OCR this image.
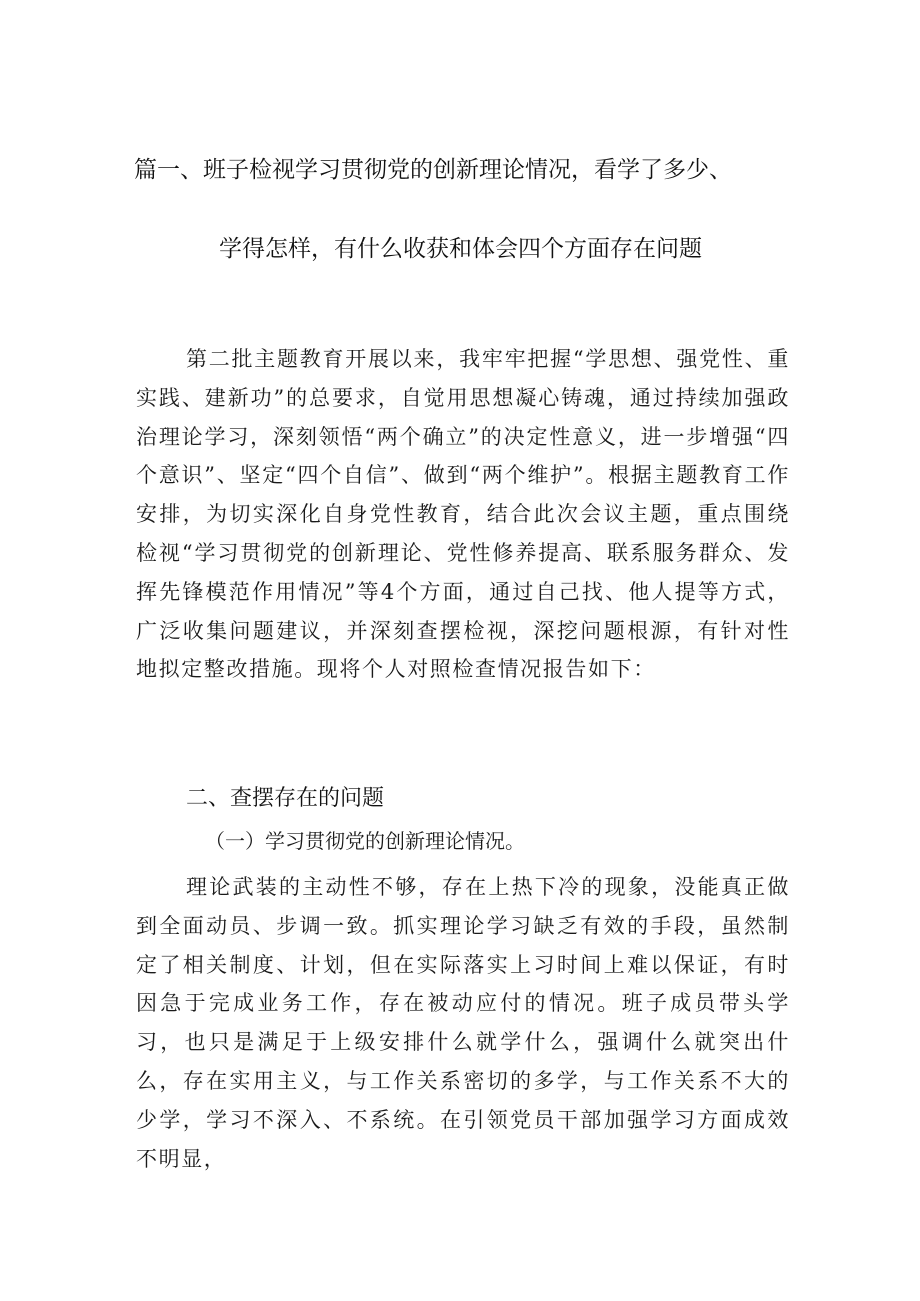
篇一、班子检视学习贯彻党的创新理论情况，看学了多少、
学得怎样，有什么收获和体会四个方面存在问题

第二批主题教育开展以来，我牢牢把握“学思想、强党性、重实践、建新功”的总要求，自觉用思想凝心铸魂，通过持续加强政治理论学习，深刻领悟“两个确立”的决定性意义，进一步增强“四个意识”、坚定“四个自信”、做到“两个维护”。根据主题教育工作安排，为切实深化自身党性教育，结合此次会议主题，重点围绕检视“学习贯彻党的创新理论、党性修养提高、联系服务群众、发挥先锋模范作用情况”等4个方面，通过自己找、他人提等方式，广泛收集问题建议，并深刻查摆检视，深挖问题根源，有针对性地拟定整改措施。现将个人对照检查情况报告如下：

二、查摆存在的问题
（一）学习贯彻党的创新理论情况。

理论武装的主动性不够，存在上热下冷的现象，没能真正做到全面动员、步调一致。抓实理论学习缺乏有效的手段，虽然制定了相关制度、计划，但在实际落实上习时间上难以保证，有时因急于完成业务工作，存在被动应付的情况。班子成员带头学习，也只是满足于上级安排什么就学什么，强调什么就突出什么，存在实用主义，与工作关系密切的多学，与工作关系不大的少学，学习不深入、不系统。在引领党员干部加强学习方面成效不明显，
